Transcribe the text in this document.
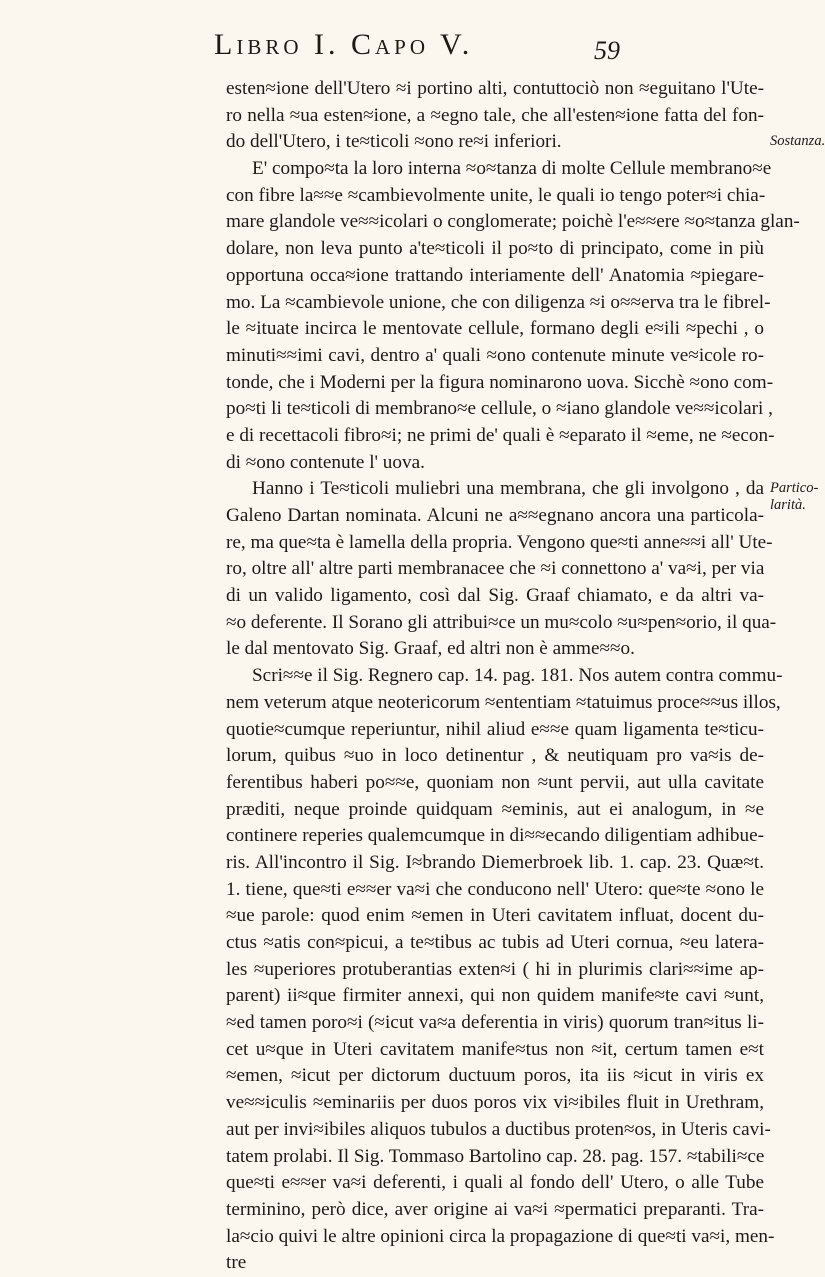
Libro I. Capo V.	59
Sostanza.
Partico-larità.
esten≈ione dell'Utero ≈i portino alti, contuttociò non ≈eguitano l'Ute-
ro nella ≈ua esten≈ione, a ≈egno tale, che all'esten≈ione fatta del fon-
do dell'Utero, i te≈ticoli ≈ono re≈i inferiori.
E' compo≈ta la loro interna ≈o≈tanza di molte Cellule membrano≈e
con fibre la≈≈e ≈cambievolmente unite, le quali io tengo poter≈i chia-
mare glandole ve≈≈icolari o conglomerate; poichè l'e≈≈ere ≈o≈tanza glan-
dolare, non leva punto a'te≈ticoli il po≈to di principato, come in più
opportuna occa≈ione trattando interiamente dell' Anatomia ≈piegare-
mo. La ≈cambievole unione, che con diligenza ≈i o≈≈erva tra le fibrel-
le ≈ituate incirca le mentovate cellule, formano degli e≈ili ≈pechi , o
minuti≈≈imi cavi, dentro a' quali ≈ono contenute minute ve≈icole ro-
tonde, che i Moderni per la figura nominarono uova. Sicchè ≈ono com-
po≈ti li te≈ticoli di membrano≈e cellule, o ≈iano glandole ve≈≈icolari ,
e di recettacoli fibro≈i; ne primi de' quali è ≈eparato il ≈eme, ne ≈econ-
di ≈ono contenute l' uova.
Hanno i Te≈ticoli muliebri una membrana, che gli involgono , da
Galeno Dartan nominata. Alcuni ne a≈≈egnano ancora una particola-
re, ma que≈ta è lamella della propria. Vengono que≈ti anne≈≈i all' Ute-
ro, oltre all' altre parti membranacee che ≈i connettono a' va≈i, per via
di un valido ligamento, così dal Sig. Graaf chiamato, e da altri va-
≈o deferente. Il Sorano gli attribui≈ce un mu≈colo ≈u≈pen≈orio, il qua-
le dal mentovato Sig. Graaf, ed altri non è amme≈≈o.
Scri≈≈e il Sig. Regnero cap. 14. pag. 181. Nos autem contra commu-
nem veterum atque neotericorum ≈ententiam ≈tatuimus proce≈≈us illos,
quotie≈cumque reperiuntur, nihil aliud e≈≈e quam ligamenta te≈ticu-
lorum, quibus ≈uo in loco detinentur , & neutiquam pro va≈is de-
ferentibus haberi po≈≈e, quoniam non ≈unt pervii, aut ulla cavitate
præditi, neque proinde quidquam ≈eminis, aut ei analogum, in ≈e
continere reperies qualemcumque in di≈≈ecando diligentiam adhibue-
ris. All'incontro il Sig. I≈brando Diemerbroek lib. 1. cap. 23. Quæ≈t.
1. tiene, que≈ti e≈≈er va≈i che conducono nell' Utero: que≈te ≈ono le
≈ue parole: quod enim ≈emen in Uteri cavitatem influat, docent du-
ctus ≈atis con≈picui, a te≈tibus ac tubis ad Uteri cornua, ≈eu latera-
les ≈uperiores protuberantias exten≈i ( hi in plurimis clari≈≈ime ap-
parent) ii≈que firmiter annexi, qui non quidem manife≈te cavi ≈unt,
≈ed tamen poro≈i (≈icut va≈a deferentia in viris) quorum tran≈itus li-
cet u≈que in Uteri cavitatem manife≈tus non ≈it, certum tamen e≈t
≈emen, ≈icut per dictorum ductuum poros, ita iis ≈icut in viris ex
ve≈≈iculis ≈eminariis per duos poros vix vi≈ibiles fluit in Urethram,
aut per invi≈ibiles aliquos tubulos a ductibus proten≈os, in Uteris cavi-
tatem prolabi. Il Sig. Tommaso Bartolino cap. 28. pag. 157. ≈tabili≈ce
que≈ti e≈≈er va≈i deferenti, i quali al fondo dell' Utero, o alle Tube
terminino, però dice, aver origine ai va≈i ≈permatici preparanti. Tra-
la≈cio quivi le altre opinioni circa la propagazione di que≈ti va≈i, men-
tre
